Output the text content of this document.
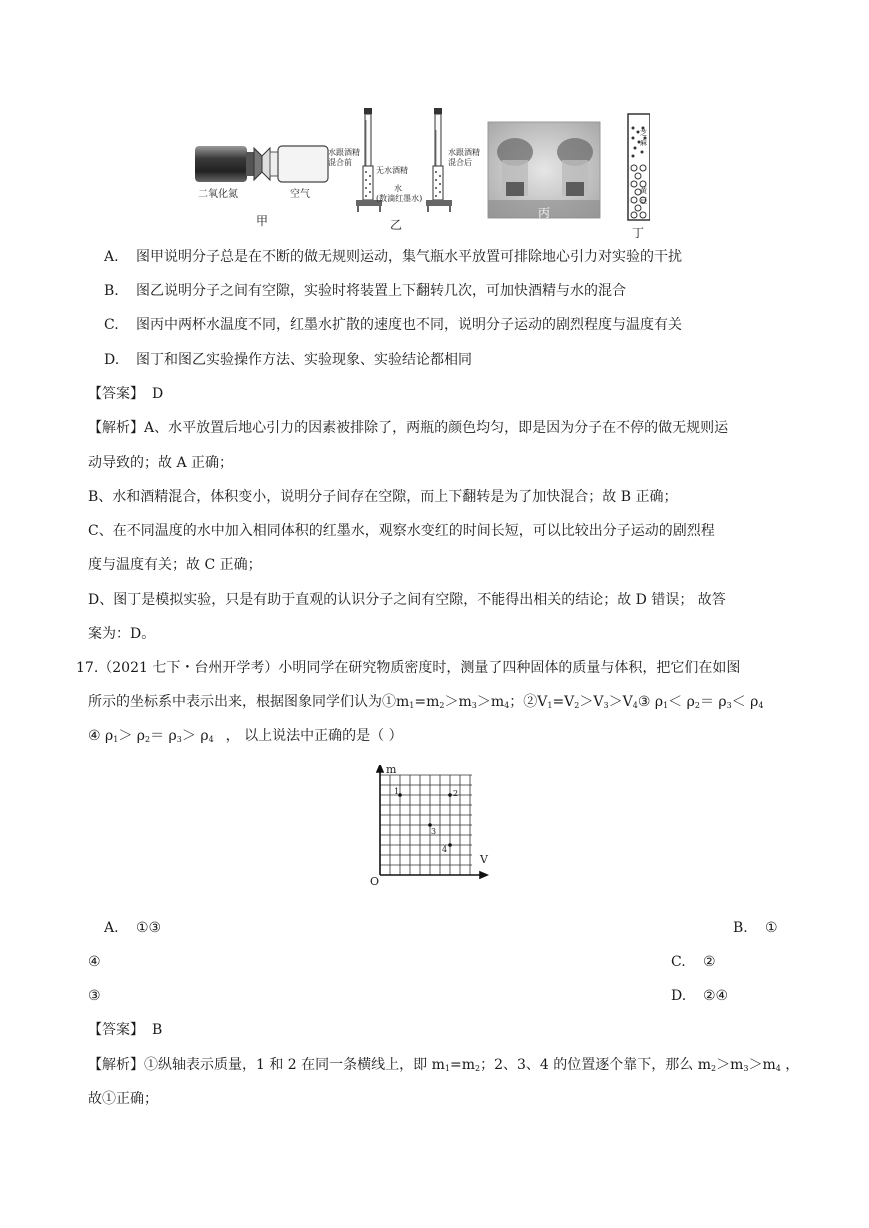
二氧化氮	空气
甲
水跟酒精
混合前
无水酒精
水
(数滴红墨水)
水跟酒精
混合后
乙
丙
芝麻
黄豆
丁
A. 图甲说明分子总是在不断的做无规则运动，集气瓶水平放置可排除地心引力对实验的干扰
B. 图乙说明分子之间有空隙，实验时将装置上下翻转几次，可加快酒精与水的混合
C. 图丙中两杯水温度不同，红墨水扩散的速度也不同，说明分子运动的剧烈程度与温度有关
D. 图丁和图乙实验操作方法、实验现象、实验结论都相同
【答案】 D
【解析】A、水平放置后地心引力的因素被排除了，两瓶的颜色均匀，即是因为分子在不停的做无规则运
动导致的；故 A 正确；
B、水和酒精混合，体积变小，说明分子间存在空隙，而上下翻转是为了加快混合；故 B 正确；
C、在不同温度的水中加入相同体积的红墨水，观察水变红的时间长短，可以比较出分子运动的剧烈程
度与温度有关；故 C 正确；
D、图丁是模拟实验，只是有助于直观的认识分子之间有空隙，不能得出相关的结论；故 D 错误； 故答
案为：D。
17.（2021 七下・台州开学考）小明同学在研究物质密度时，测量了四种固体的质量与体积，把它们在如图
所示的坐标系中表示出来，根据图象同学们认为$①m_1=m_2>m_3>m_4$；$②V_1=V_2>V_3>V_4③$ $\rho_1< \rho_2= \rho_3< \rho_4$
④ $\rho_1> \rho_2= \rho_3> \rho_4$ ， 以上说法中正确的是（ ）
m
V
O
1	2
3
4
A. ①③	B. ①
④	C. ②
③	D. ②④
【答案】 B
【解析】①纵轴表示质量，1 和 2 在同一条横线上，即 $m_1=m_2$；2、3、4 的位置逐个靠下，那么 $m_2>m_3>m_4$ ，
故①正确；
